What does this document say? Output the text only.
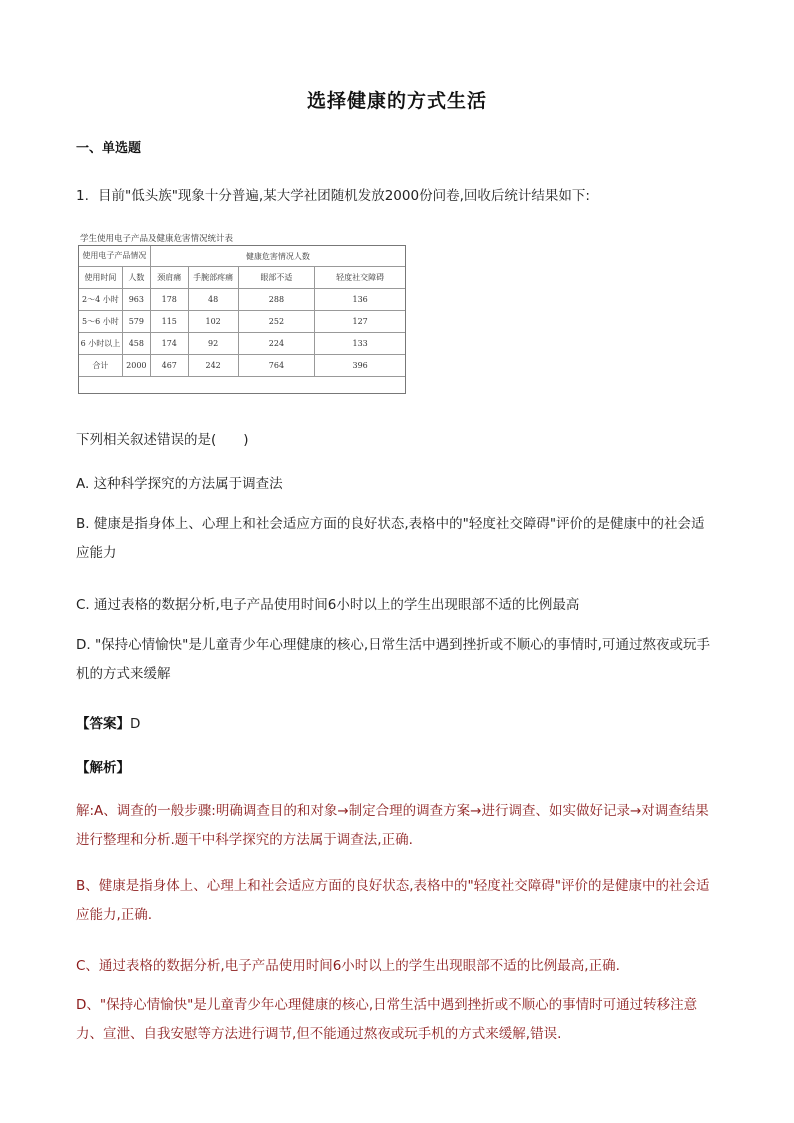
选择健康的方式生活
一、单选题
1. 目前"低头族"现象十分普遍,某大学社团随机发放2000份问卷,回收后统计结果如下:
学生使用电子产品及健康危害情况统计表
使用电子产品情况		健康危害情况人数			

使用时间	人数	颈肩痛	手腕部疼痛	眼部不适	轻度社交障碍
2～4 小时	963	178	48	288	136
5～6 小时	579	115	102	252	127
6 小时以上	458	174	92	224	133
合计	2000	467	242	764	396
下列相关叙述错误的是(　　)
A. 这种科学探究的方法属于调查法
B. 健康是指身体上、心理上和社会适应方面的良好状态,表格中的"轻度社交障碍"评价的是健康中的社会适应能力
C. 通过表格的数据分析,电子产品使用时间6小时以上的学生出现眼部不适的比例最高
D. "保持心情愉快"是儿童青少年心理健康的核心,日常生活中遇到挫折或不顺心的事情时,可通过熬夜或玩手机的方式来缓解
【答案】D
【解析】
解:A、调查的一般步骤:明确调查目的和对象→制定合理的调查方案→进行调查、如实做好记录→对调查结果进行整理和分析.题干中科学探究的方法属于调查法,正确.
B、健康是指身体上、心理上和社会适应方面的良好状态,表格中的"轻度社交障碍"评价的是健康中的社会适应能力,正确.
C、通过表格的数据分析,电子产品使用时间6小时以上的学生出现眼部不适的比例最高,正确.
D、"保持心情愉快"是儿童青少年心理健康的核心,日常生活中遇到挫折或不顺心的事情时可通过转移注意力、宣泄、自我安慰等方法进行调节,但不能通过熬夜或玩手机的方式来缓解,错误.
